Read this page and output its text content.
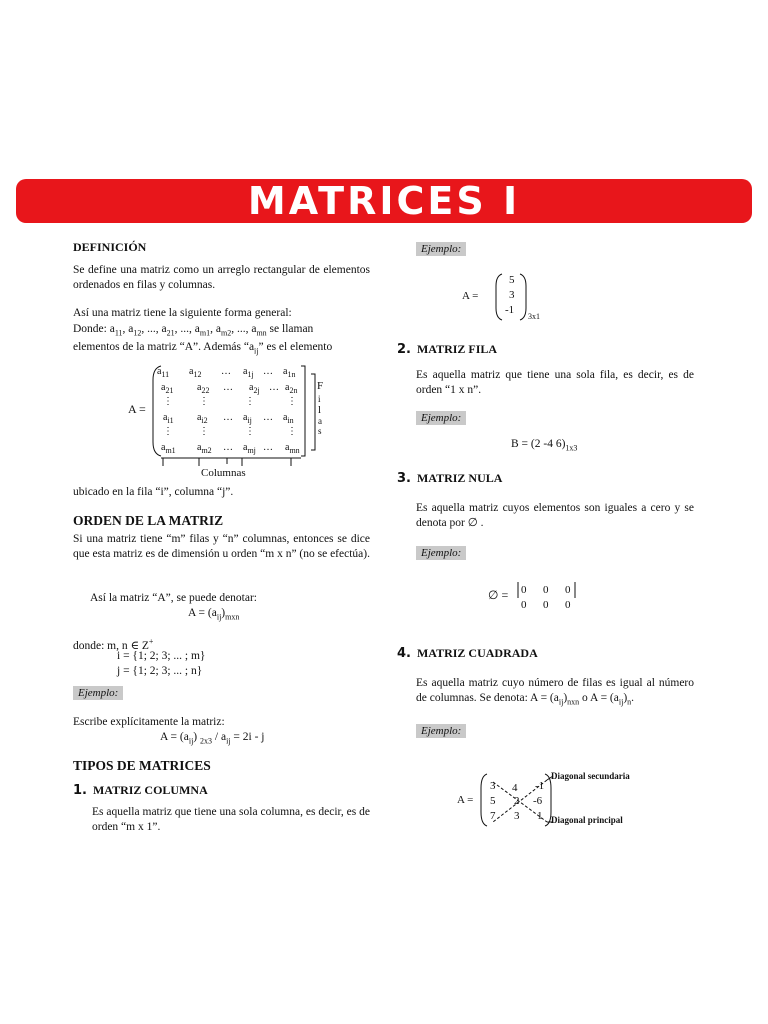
MATRICES I
DEFINICIÓN

Se define una matriz como un arreglo rectangular de elementos ordenados en filas y columnas.

Así una matriz tiene la siguiente forma general:

Donde: $a_{11}$, $a_{12}$, ..., $a_{21}$, ..., $a_{m1}$, $a_{m2}$, ..., $a_{mn}$ se llaman

elementos de la matriz “A”. Además “$a_{ij}$” es el elemento

A =
$a_{11}$ $a_{12}$ … $a_{1j}$ … $a_{1n}$
$a_{21}$ $a_{22}$ … $a_{2j}$ … $a_{2n}$
⋮	⋮	⋮	⋮
$a_{i1}$ $a_{i2}$ … $a_{ij}$ … $a_{in}$
⋮	⋮	⋮	⋮
$a_{m1}$ $a_{m2}$ … $a_{mj}$ … $a_{mn}$
F
i
l
a
s
Columnas

ubicado en la fila “i”, columna “j”.

ORDEN DE LA MATRIZ

Si una matriz tiene “m” filas y “n” columnas, entonces se dice que esta matriz es de dimensión u orden “m x n” (no se efectúa).

Así la matriz “A”, se puede denotar:

$A = (a_{ij})_{mxn}$

donde: m, n ∈ Z+

i = {1; 2; 3; ... ; m}

j = {1; 2; 3; ... ; n}

Ejemplo:

Escribe explícitamente la matriz:

$A = (a_{ij})$ $_{2x3} / a_{ij} = 2i - j$

TIPOS DE MATRICES
1. MATRIZ COLUMNA

Es aquella matriz que tiene una sola columna, es decir, es de orden “m x 1”.

Ejemplo:
A =
5
3
-1
3x1
2. MATRIZ FILA

Es aquella matriz que tiene una sola fila, es decir, es de orden “1 x n”.

Ejemplo:

B = (2 -4 $6)_{1x3}$

3. MATRIZ NULA

Es aquella matriz cuyos elementos son iguales a cero y se denota por ∅ .

Ejemplo:
∅ = 0 0 0
0 0 0
4. MATRIZ CUADRADA

Es aquella matriz cuyo número de filas es igual al número de columnas. Se denota: $A = (a_{ij})_{nxn}$ o $A = (a_{ij})_n$.

Ejemplo:
A =
3 4 -1
5 2 -6
7 3 1
Diagonal secundaria
Diagonal principal
